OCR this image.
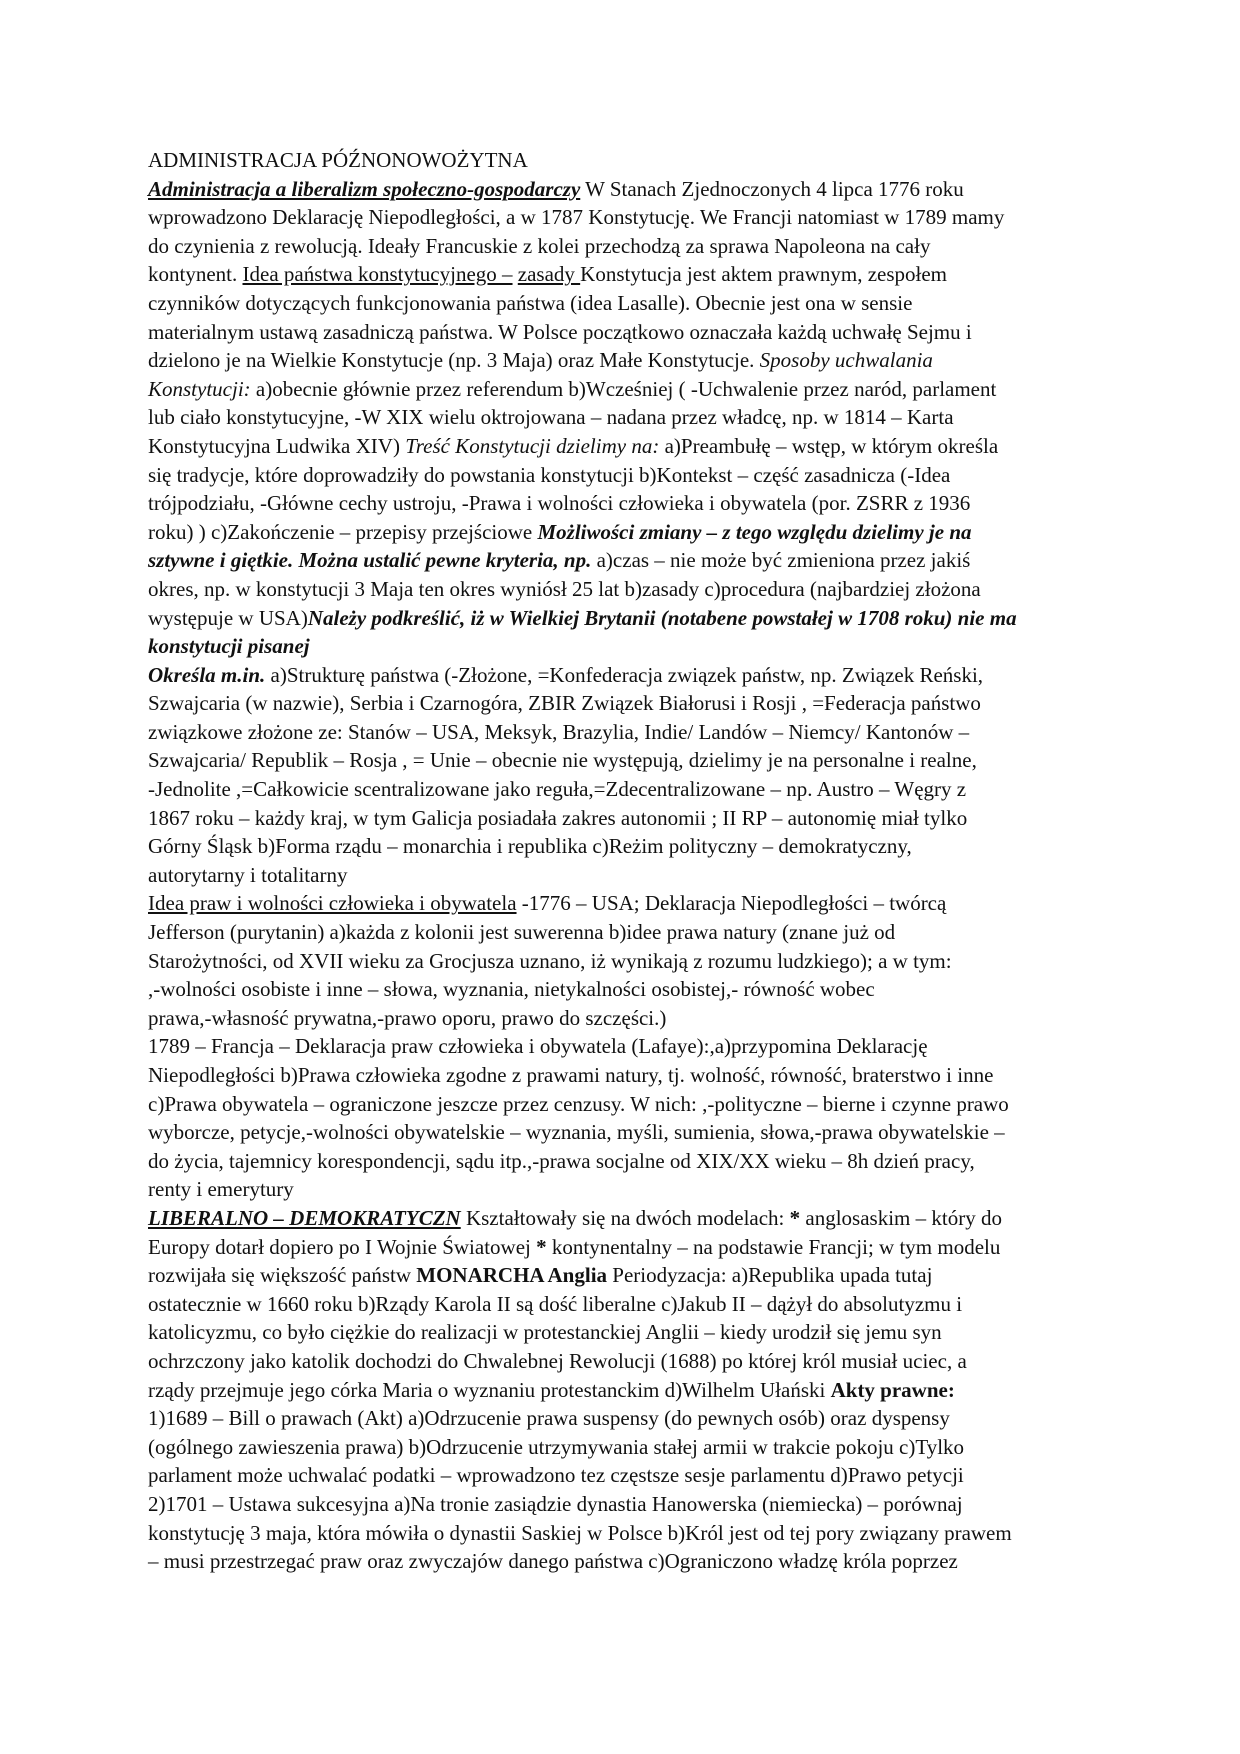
ADMINISTRACJA PÓŹNONOWOŻYTNA
Administracja a liberalizm społeczno-gospodarczy W Stanach Zjednoczonych 4 lipca 1776 roku
wprowadzono Deklarację Niepodległości, a w 1787 Konstytucję. We Francji natomiast w 1789 mamy
do czynienia z rewolucją. Ideały Francuskie z kolei przechodzą za sprawa Napoleona na cały
kontynent. Idea państwa konstytucyjnego – zasady Konstytucja jest aktem prawnym, zespołem
czynników dotyczących funkcjonowania państwa (idea Lasalle). Obecnie jest ona w sensie
materialnym ustawą zasadniczą państwa. W Polsce początkowo oznaczała każdą uchwałę Sejmu i
dzielono je na Wielkie Konstytucje (np. 3 Maja) oraz Małe Konstytucje. Sposoby uchwalania
Konstytucji: a)obecnie głównie przez referendum b)Wcześniej ( -Uchwalenie przez naród, parlament
lub ciało konstytucyjne, -W XIX wielu oktrojowana – nadana przez władcę, np. w 1814 – Karta
Konstytucyjna Ludwika XIV) Treść Konstytucji dzielimy na: a)Preambułę – wstęp, w którym określa
się tradycje, które doprowadziły do powstania konstytucji b)Kontekst – część zasadnicza (-Idea
trójpodziału, -Główne cechy ustroju, -Prawa i wolności człowieka i obywatela (por. ZSRR z 1936
roku) ) c)Zakończenie – przepisy przejściowe Możliwości zmiany – z tego względu dzielimy je na
sztywne i giętkie. Można ustalić pewne kryteria, np. a)czas – nie może być zmieniona przez jakiś
okres, np. w konstytucji 3 Maja ten okres wyniósł 25 lat b)zasady c)procedura (najbardziej złożona
występuje w USA)Należy podkreślić, iż w Wielkiej Brytanii (notabene powstałej w 1708 roku) nie ma
konstytucji pisanej
Określa m.in. a)Strukturę państwa (-Złożone, =Konfederacja związek państw, np. Związek Reński,
Szwajcaria (w nazwie), Serbia i Czarnogóra, ZBIR Związek Białorusi i Rosji , =Federacja państwo
związkowe złożone ze: Stanów – USA, Meksyk, Brazylia, Indie/ Landów – Niemcy/ Kantonów –
Szwajcaria/ Republik – Rosja , = Unie – obecnie nie występują, dzielimy je na personalne i realne,
-Jednolite ,=Całkowicie scentralizowane jako reguła,=Zdecentralizowane – np. Austro – Węgry z
1867 roku – każdy kraj, w tym Galicja posiadała zakres autonomii ; II RP – autonomię miał tylko
Górny Śląsk b)Forma rządu – monarchia i republika c)Reżim polityczny – demokratyczny,
autorytarny i totalitarny
Idea praw i wolności człowieka i obywatela -1776 – USA; Deklaracja Niepodległości – twórcą
Jefferson (purytanin) a)każda z kolonii jest suwerenna b)idee prawa natury (znane już od
Starożytności, od XVII wieku za Grocjusza uznano, iż wynikają z rozumu ludzkiego); a w tym:
,-wolności osobiste i inne – słowa, wyznania, nietykalności osobistej,- równość wobec
prawa,-własność prywatna,-prawo oporu, prawo do szczęści.)
1789 – Francja – Deklaracja praw człowieka i obywatela (Lafaye):,a)przypomina Deklarację
Niepodległości b)Prawa człowieka zgodne z prawami natury, tj. wolność, równość, braterstwo i inne
c)Prawa obywatela – ograniczone jeszcze przez cenzusy. W nich: ,-polityczne – bierne i czynne prawo
wyborcze, petycje,-wolności obywatelskie – wyznania, myśli, sumienia, słowa,-prawa obywatelskie –
do życia, tajemnicy korespondencji, sądu itp.,-prawa socjalne od XIX/XX wieku – 8h dzień pracy,
renty i emerytury
LIBERALNO – DEMOKRATYCZN Kształtowały się na dwóch modelach: * anglosaskim – który do
Europy dotarł dopiero po I Wojnie Światowej * kontynentalny – na podstawie Francji; w tym modelu
rozwijała się większość państw MONARCHA Anglia Periodyzacja: a)Republika upada tutaj
ostatecznie w 1660 roku b)Rządy Karola II są dość liberalne c)Jakub II – dążył do absolutyzmu i
katolicyzmu, co było ciężkie do realizacji w protestanckiej Anglii – kiedy urodził się jemu syn
ochrzczony jako katolik dochodzi do Chwalebnej Rewolucji (1688) po której król musiał uciec, a
rządy przejmuje jego córka Maria o wyznaniu protestanckim d)Wilhelm Ułański Akty prawne:
1)1689 – Bill o prawach (Akt) a)Odrzucenie prawa suspensy (do pewnych osób) oraz dyspensy
(ogólnego zawieszenia prawa) b)Odrzucenie utrzymywania stałej armii w trakcie pokoju c)Tylko
parlament może uchwalać podatki – wprowadzono tez częstsze sesje parlamentu d)Prawo petycji
2)1701 – Ustawa sukcesyjna a)Na tronie zasiądzie dynastia Hanowerska (niemiecka) – porównaj
konstytucję 3 maja, która mówiła o dynastii Saskiej w Polsce b)Król jest od tej pory związany prawem
– musi przestrzegać praw oraz zwyczajów danego państwa c)Ograniczono władzę króla poprzez
